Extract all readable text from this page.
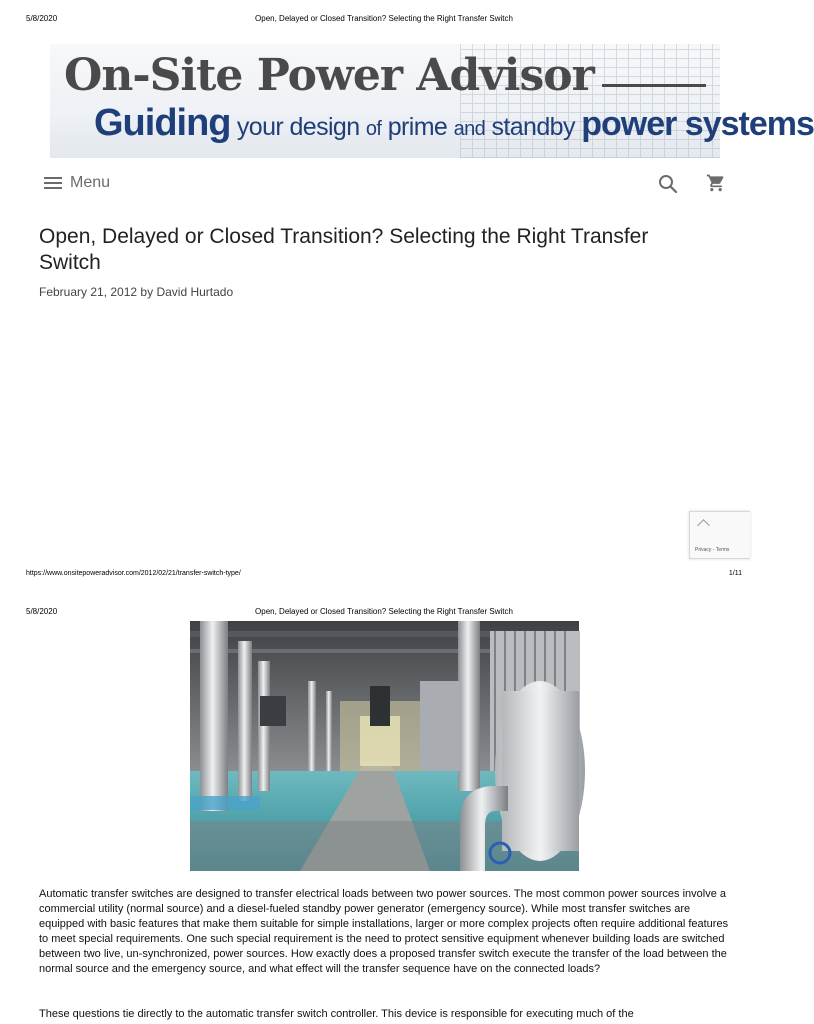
5/8/2020	Open, Delayed or Closed Transition? Selecting the Right Transfer Switch
On-Site Power Advisor
Guiding your design of prime and standby power systems
Menu
Open, Delayed or Closed Transition? Selecting the Right Transfer Switch
February 21, 2012 by David Hurtado
Privacy - Terms
https://www.onsitepoweradvisor.com/2012/02/21/transfer-switch-type/	1/11
5/8/2020	Open, Delayed or Closed Transition? Selecting the Right Transfer Switch

Automatic transfer switches are designed to transfer electrical loads between two power sources. The most common power sources involve a commercial utility (normal source) and a diesel-fueled standby power generator (emergency source). While most transfer switches are equipped with basic features that make them suitable for simple installations, larger or more complex projects often require additional features to meet special requirements. One such special requirement is the need to protect sensitive equipment whenever building loads are switched between two live, un-synchronized, power sources. How exactly does a proposed transfer switch execute the transfer of the load between the normal source and the emergency source, and what effect will the transfer sequence have on the connected loads?

These questions tie directly to the automatic transfer switch controller. This device is responsible for executing much of the
